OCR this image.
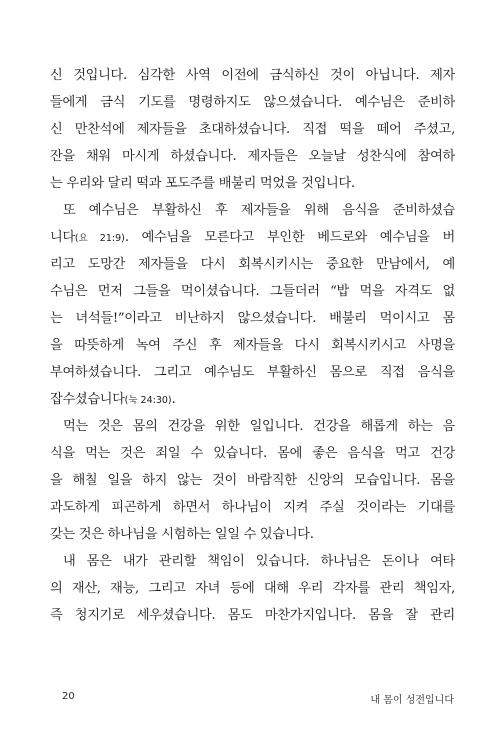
신 것입니다. 심각한 사역 이전에 금식하신 것이 아닙니다. 제자
들에게 금식 기도를 명령하지도 않으셨습니다. 예수님은 준비하
신 만찬석에 제자들을 초대하셨습니다. 직접 떡을 떼어 주셨고,
잔을 채워 마시게 하셨습니다. 제자들은 오늘날 성찬식에 참여하
는 우리와 달리 떡과 포도주를 배불리 먹었을 것입니다.
또 예수님은 부활하신 후 제자들을 위해 음식을 준비하셨습
니다(요 21:9). 예수님을 모른다고 부인한 베드로와 예수님을 버
리고 도망간 제자들을 다시 회복시키시는 중요한 만남에서, 예
수님은 먼저 그들을 먹이셨습니다. 그들더러 “밥 먹을 자격도 없
는 녀석들!”이라고 비난하지 않으셨습니다. 배불리 먹이시고 몸
을 따뜻하게 녹여 주신 후 제자들을 다시 회복시키시고 사명을
부여하셨습니다. 그리고 예수님도 부활하신 몸으로 직접 음식을
잡수셨습니다(눅 24:30).
먹는 것은 몸의 건강을 위한 일입니다. 건강을 해롭게 하는 음
식을 먹는 것은 죄일 수 있습니다. 몸에 좋은 음식을 먹고 건강
을 해칠 일을 하지 않는 것이 바람직한 신앙의 모습입니다. 몸을
과도하게 피곤하게 하면서 하나님이 지켜 주실 것이라는 기대를
갖는 것은 하나님을 시험하는 일일 수 있습니다.
내 몸은 내가 관리할 책임이 있습니다. 하나님은 돈이나 여타
의 재산, 재능, 그리고 자녀 등에 대해 우리 각자를 관리 책임자,
즉 청지기로 세우셨습니다. 몸도 마찬가지입니다. 몸을 잘 관리
20	내 몸이 성전입니다
